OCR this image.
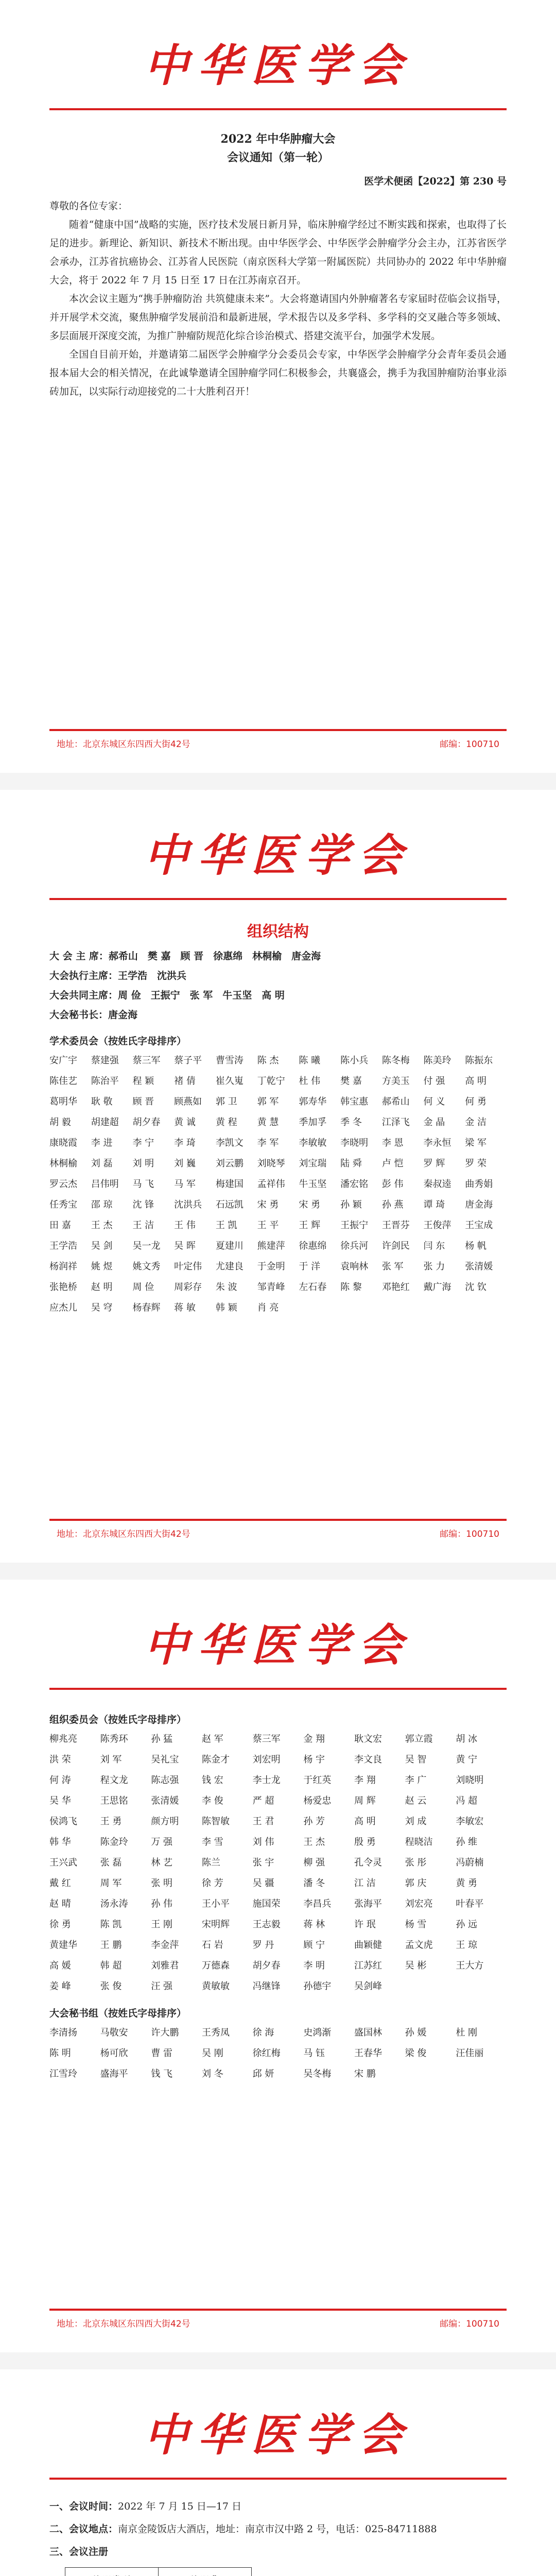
中华医学会
2022 年中华肿瘤大会
会议通知（第一轮）
医学术便函【2022】第 230 号

尊敬的各位专家：

随着“健康中国”战略的实施，医疗技术发展日新月异，临床肿瘤学经过不断实践和探索，也取得了长足的进步。新理论、新知识、新技术不断出现。由中华医学会、中华医学会肿瘤学分会主办，江苏省医学会承办，江苏省抗癌协会、江苏省人民医院（南京医科大学第一附属医院）共同协办的 2022 年中华肿瘤大会，将于 2022 年 7 月 15 日至 17 日在江苏南京召开。

本次会议主题为“携手肿瘤防治 共筑健康未来”。大会将邀请国内外肿瘤著名专家届时莅临会议指导，并开展学术交流，聚焦肿瘤学发展前沿和最新进展，学术报告以及多学科、多学科的交叉融合等多领域、多层面展开深度交流，为推广肿瘤防规范化综合诊治模式、搭建交流平台，加强学术发展。

全国自目前开始，并邀请第二届医学会肿瘤学分会委员会专家，中华医学会肿瘤学分会青年委员会通报本届大会的相关情况，在此诚挚邀请全国肿瘤学同仁积极参会，共襄盛会，携手为我国肿瘤防治事业添砖加瓦，以实际行动迎接党的二十大胜利召开！

地址：北京东城区东四西大街42号	邮编：100710
中华医学会
组织结构
大 会 主 席：郝希山　樊 嘉　顾 晋　徐惠绵　林桐榆　唐金海
大会执行主席：王学浩　沈洪兵
大会共同主席：周 俭　王振宁　张 军　牛玉坚　高 明
大会秘书长：唐金海
学术委员会（按姓氏字母排序）
安广宇	蔡建强	蔡三军	蔡子平	曹雪涛	陈 杰	陈 曦	陈小兵	陈冬梅	陈美玲	陈振东
陈佳艺	陈治平	程 颖	褚 倩	崔久嵬	丁乾宁	杜 伟	樊 嘉	方美玉	付 强	高 明
葛明华	耿 敬	顾 晋	顾燕如	郭 卫	郭 军	郭寿华	韩宝惠	郝希山	何 义	何 勇
胡 毅	胡建超	胡夕春	黄 诚	黄 程	黄 慧	季加孚	季 冬	江泽飞	金 晶	金 洁
康晓霞	李 进	李 宁	李 琦	李凯文	李 军	李敏敏	李晓明	李 恩	李永恒	梁 军
林桐榆	刘 磊	刘 明	刘 巍	刘云鹏	刘晓琴	刘宝瑞	陆 舜	卢 恺	罗 辉	罗 荣
罗云杰	吕伟明	马 飞	马 军	梅建国	孟祥伟	牛玉坚	潘宏铭	彭 伟	秦叔逵	曲秀娟
任秀宝	邵 琼	沈 锋	沈洪兵	石远凯	宋 勇	宋 勇	孙 颖	孙 燕	谭 琦	唐金海
田 嘉	王 杰	王 洁	王 伟	王 凯	王 平	王 辉	王振宁	王晋芬	王俊萍	王宝成
王学浩	吴 剑	吴一龙	吴 晖	夏建川	熊建萍	徐惠绵	徐兵河	许剑民	闫 东	杨 帆
杨润祥	姚 煜	姚文秀	叶定伟	尤建良	于金明	于 洋	袁响林	张 军	张 力	张清媛
张艳桥	赵 明	周 俭	周彩存	朱 波	邹青峰	左石春	陈 黎	邓艳红	戴广海	沈 钦
应杰儿	吴 穹	杨春辉	蒋 敏	韩 颖	肖 亮
地址：北京东城区东四西大街42号	邮编：100710
中华医学会
组织委员会（按姓氏字母排序）
柳兆亮	陈秀环	孙 猛	赵 军	蔡三军	金 翔	耿文宏	郭立霞	胡 冰
洪 荣	刘 军	吴礼宝	陈金才	刘宏明	杨 宇	李文良	吴 智	黄 宁
何 涛	程文龙	陈志强	钱 宏	李士龙	于红英	李 翔	李 广	刘晓明
吴 华	王思铭	张清媛	李 俊	严 超	杨爱忠	周 辉	赵 云	冯 超
侯鸿飞	王 勇	颜方明	陈智敏	王 君	孙 芳	高 明	刘 成	李敏宏
韩 华	陈金玲	万 强	李 雪	刘 伟	王 杰	殷 勇	程晓洁	孙 维
王兴武	张 磊	林 艺	陈兰	张 宇	柳 强	孔令灵	张 彤	冯蔚楠
戴 红	周 军	张 明	徐 芳	吴 疆	潘 冬	江 洁	郭 庆	黄 勇
赵 晴	汤永涛	孙 伟	王小平	施国荣	李昌兵	张海平	刘宏亮	叶春平
徐 勇	陈 凯	王 刚	宋明辉	王志毅	蒋 林	许 珉	杨 雪	孙 远
黄建华	王 鹏	李金萍	石 岩	罗 丹	顾 宁	曲颖健	孟文虎	王 琼
高 媛	韩 超	刘雅君	万德森	胡夕春	李 明	江苏红	吴 彬	王大方
姜 峰	张 俊	汪 强	黄敏敏	冯继锋	孙德宇	吴剑峰
大会秘书组（按姓氏字母排序）
李清扬	马敬安	许大鹏	王秀凤	徐 海	史鸿渐	盛国林	孙 媛	杜 刚
陈 明	杨可欣	曹 雷	吴 刚	徐红梅	马 钰	王春华	梁 俊	汪佳丽
江雪玲	盛海平	钱 飞	刘 冬	邱 妍	吴冬梅	宋 鹏
地址：北京东城区东四西大街42号	邮编：100710
中华医学会
一、会议时间：2022 年 7 月 15 日—17 日
二、会议地点：南京金陵饭店大酒店，地址：南京市汉中路 2 号，电话：025-84711888
三、会议注册
